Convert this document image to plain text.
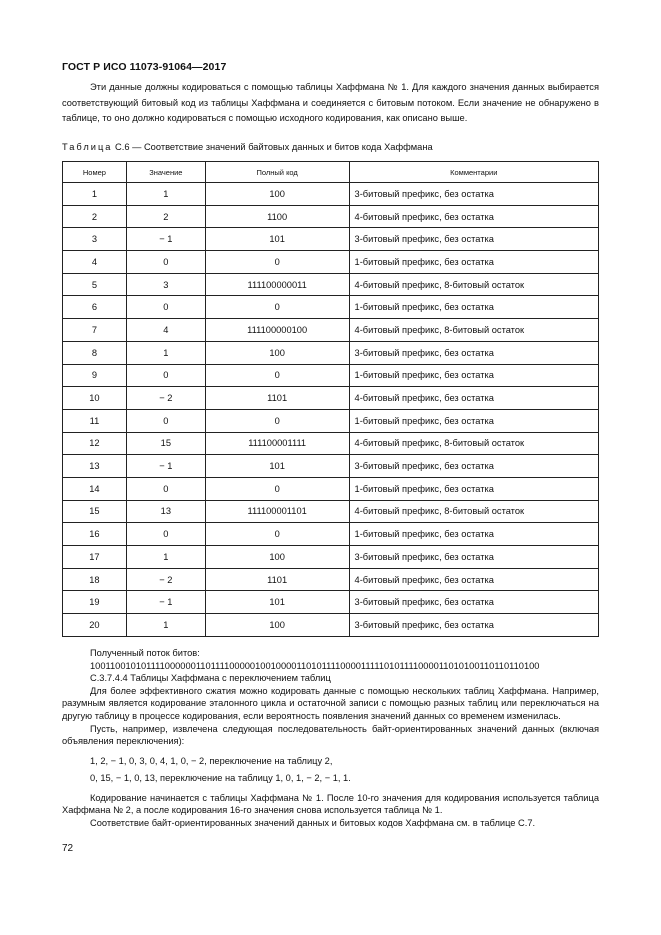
ГОСТ Р ИСО 11073-91064—2017
Эти данные должны кодироваться с помощью таблицы Хаффмана № 1. Для каждого значения данных выбирается соответствующий битовый код из таблицы Хаффмана и соединяется с битовым потоком. Если значение не обнаружено в таблице, то оно должно кодироваться с помощью исходного кодирования, как описано выше.
Таблица С.6 — Соответствие значений байтовых данных и битов кода Хаффмана
Номер	Значение	Полный код	Комментарии
1	1	100	3-битовый префикс, без остатка
2	2	1100	4-битовый префикс, без остатка
3	− 1	101	3-битовый префикс, без остатка
4	0	0	1-битовый префикс, без остатка
5	3	111100000011	4-битовый префикс, 8-битовый остаток
6	0	0	1-битовый префикс, без остатка
7	4	111100000100	4-битовый префикс, 8-битовый остаток
8	1	100	3-битовый префикс, без остатка
9	0	0	1-битовый префикс, без остатка
10	− 2	1101	4-битовый префикс, без остатка
11	0	0	1-битовый префикс, без остатка
12	15	111100001111	4-битовый префикс, 8-битовый остаток
13	− 1	101	3-битовый префикс, без остатка
14	0	0	1-битовый префикс, без остатка
15	13	111100001101	4-битовый префикс, 8-битовый остаток
16	0	0	1-битовый префикс, без остатка
17	1	100	3-битовый префикс, без остатка
18	− 2	1101	4-битовый префикс, без остатка
19	− 1	101	3-битовый префикс, без остатка
20	1	100	3-битовый префикс, без остатка
Полученный поток битов:
100110010101111000000110111100000100100001101011110000111110101111000011010100110110110100
С.3.7.4.4 Таблицы Хаффмана с переключением таблиц
Для более эффективного сжатия можно кодировать данные с помощью нескольких таблиц Хаффмана. Например, разумным является кодирование эталонного цикла и остаточной записи с помощью разных таблиц или переключаться на другую таблицу в процессе кодирования, если вероятность появления значений данных со временем изменилась.
Пусть, например, извлечена следующая последовательность байт-ориентированных значений данных (включая объявления переключения):
1, 2, − 1, 0, 3, 0, 4, 1, 0, − 2, переключение на таблицу 2,
0, 15, − 1, 0, 13, переключение на таблицу 1, 0, 1, − 2, − 1, 1.
Кодирование начинается с таблицы Хаффмана № 1. После 10-го значения для кодирования используется таблица Хаффмана № 2, а после кодирования 16-го значения снова используется таблица № 1.
Соответствие байт-ориентированных значений данных и битовых кодов Хаффмана см. в таблице С.7.
72
